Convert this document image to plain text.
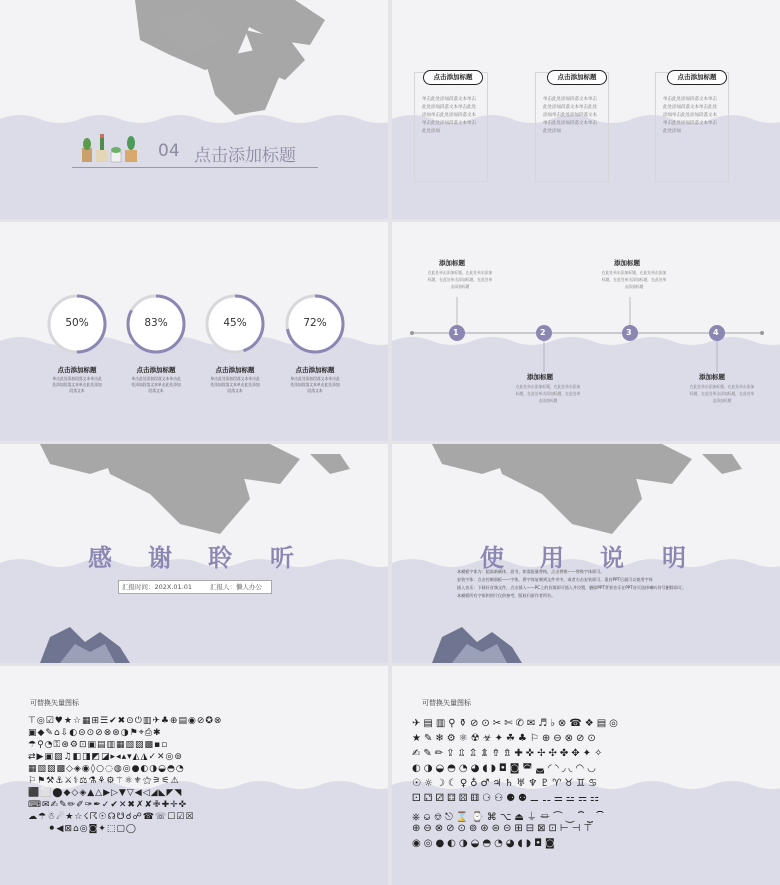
04 点击添加标题
点击添加标题	点击添加标题	点击添加标题
单击此处添加段落文本单击
此处添加段落文本单击此处
添加单击此处添加段落文本
单击此处添加段落文本单击
此处添加
单击此处添加段落文本单击
此处添加段落文本单击此处
添加单击此处添加段落文本
单击此处添加段落文本单击
此处添加
单击此处添加段落文本单击
此处添加段落文本单击此处
添加单击此处添加段落文本
单击此处添加段落文本单击
此处添加
50%	83%	45%	72%
点击添加标题	点击添加标题	点击添加标题	点击添加标题
单击此处添加段落文本单击此
处添加段落文本单击此处添加
段落文本
单击此处添加段落文本单击此
处添加段落文本单击此处添加
段落文本
单击此处添加段落文本单击此
处添加段落文本单击此处添加
段落文本
单击此处添加段落文本单击此
处添加段落文本单击此处添加
段落文本
1	2	3	4
添加标题
在此处单击添加标题，在此处单击添加
标题，在此处单击添加标题，在此处单
击添加标题
添加标题
在此处单击添加标题，在此处单击添加
标题，在此处单击添加标题，在此处单
击添加标题
添加标题
在此处单击添加标题，在此处单击添加
标题，在此处单击添加标题，在此处单
击添加标题
添加标题
在此处单击添加标题，在此处单击添加
标题，在此处单击添加标题，在此处单
击添加标题
感 谢 聆 听
汇报时间：202X.01.01	汇报人：懒人办公
使 用 说 明
本模板字体为：超高新颜体、思书，如需批量替换，点击替换——替换字体即可。
安装字体：点击控制面板——字体，将字体复制到文件夹中，或者右击安装即可。重启PPT后就可以使用字体
插入音乐：下载好音频文件，点击插入——PC上的音频即可插入并设置，删除PPT背景音乐在PPT首页选择喇叭符号删除即可。
本模板所有字体和图片仅供参考，版权归原作者所有。
可替换矢量图标
⊤◎☑♥★☆▦⊞☰✔✖⊙⏻▥✈♣⊕▤◉⊘✪⊗
▣◆✎⌂⇩◐⊝⊙⊘⊗⊛◑⚑⌖⎙✱
☂⚲◔⚿⊛⚙⊡▣▤▥▦▧▨▩▪▫
⇄▶▣▨♫◧◨◩◪▸◂▴▾◭◮✓✕◎⊚
▦▧▨▩◇◈◉◊○◌◍◎●◐◑◒◓◔
⚐⚑⚒⚓⚔⚕⚖⚗⚘⚙⚚⚛⚜⚝⚞⚟⚠
⬛⬜⬤◆◇◈▲△▶▷▼▽◀◁◢◣◤◥
⌨✉✍✎✏✐✑✒✓✔✕✖✗✘✙✚✛✜
☁☂☃☄★☆☇☈☉☊☋☌☍☎☏☐☑☒
⚫◀⊠⌂◎◙✦⬚▢◯
可替换矢量图标
✈▤▥⚲⚱⊘⊙✂✄✆✉♬♭⊗☎❖▤◎
★✎❄⚙⚛☢☣✦☘♣⚐⊕⊖⊗⊘⊙
✍✎✏⇪⇫⇬⇭⇮⇯✚✜✢✣✤✥✦✧
◐◑◒◓◔◕◖◗◘◙◚◛◜◝◞◟◠◡
☉☼☽☾♀♁♂♃♄♅♆♇♈♉♊♋
⚀⚁⚂⚃⚄⚅⚆⚇⚈⚉⚊⚋⚌⚍⚎⚏
⎈⎉⎊⎋⌛⌚⌘⌥⏏⏚⏛⏜⏝⏞⏟⏠
⊕⊖⊗⊘⊙⊚⊛⊜⊝⊞⊟⊠⊡⊢⊣⊤
◉◎●◐◑◒◓◔◕◖◗◘◙
